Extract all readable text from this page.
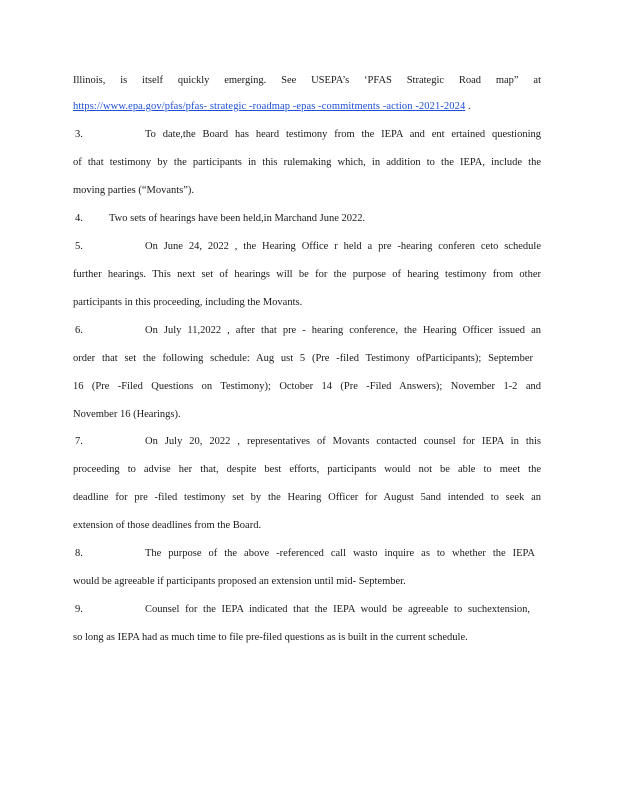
Illinois, is itself quickly emerging. See USEPA’s ‘PFAS Strategic Road map” at
https://www.epa.gov/pfas/pfas- strategic -roadmap -epas -commitments -action -2021-2024 .
3.	To date,the Board has heard testimony from the IEPA and ent ertained questioning
of that testimony by the participants in this rulemaking which, in addition to the IEPA, include the
moving parties (“Movants”).
4. Two sets of hearings have been held,in Marchand June 2022.
5.	On June 24, 2022 , the Hearing Office r held a pre -hearing conferen ceto schedule
further hearings. This next set of hearings will be for the purpose of hearing testimony from other
participants in this proceeding, including the Movants.
6.	On July 11,2022 , after that pre - hearing conference, the Hearing Officer issued an
order that set the following schedule: Aug ust 5 (Pre -filed Testimony ofParticipants); September
16 (Pre -Filed Questions on Testimony); October 14 (Pre -Filed Answers); November 1-2 and
November 16 (Hearings).
7.	On July 20, 2022 , representatives of Movants contacted counsel for IEPA in this
proceeding to advise her that, despite best efforts, participants would not be able to meet the
deadline for pre -filed testimony set by the Hearing Officer for August 5and intended to seek an
extension of those deadlines from the Board.
8.	The purpose of the above -referenced call wasto inquire as to whether the IEPA
would be agreeable if participants proposed an extension until mid- September.
9.	Counsel for the IEPA indicated that the IEPA would be agreeable to suchextension,
so long as IEPA had as much time to file pre-filed questions as is built in the current schedule.
